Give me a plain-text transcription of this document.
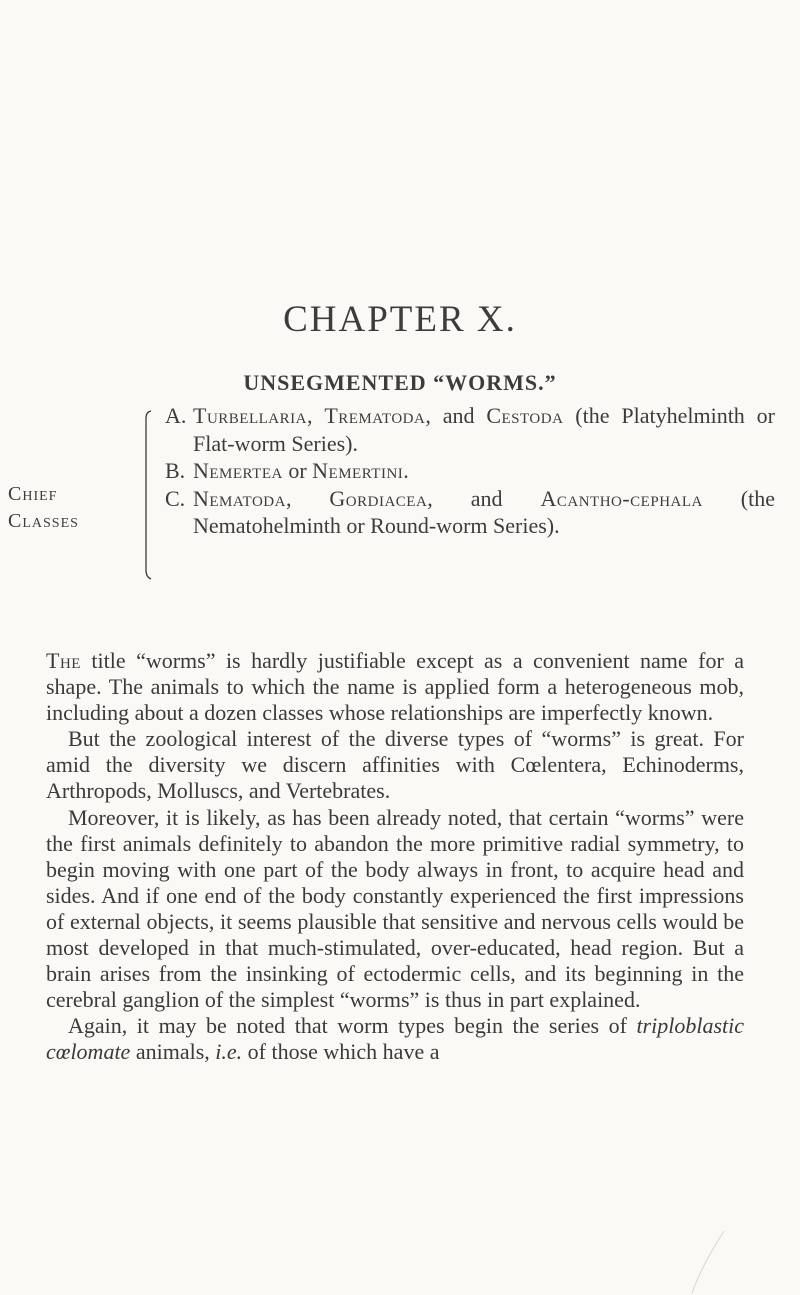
CHAPTER X.
UNSEGMENTED “WORMS.”
Chief
Classes
A. Turbellaria, Trematoda, and Cestoda (the Platyhelminth or Flat-worm Series).
B. Nemertea or Nemertini.
C. Nematoda, Gordiacea, and Acantho-cephala (the Nematohelminth or Round-worm Series).

The title “worms” is hardly justifiable except as a convenient name for a shape. The animals to which the name is applied form a heterogeneous mob, including about a dozen classes whose relationships are imperfectly known.

But the zoological interest of the diverse types of “worms” is great. For amid the diversity we discern affinities with Cœlentera, Echinoderms, Arthropods, Molluscs, and Vertebrates.

Moreover, it is likely, as has been already noted, that certain “worms” were the first animals definitely to abandon the more primitive radial symmetry, to begin moving with one part of the body always in front, to acquire head and sides. And if one end of the body constantly experienced the first impressions of external objects, it seems plausible that sensitive and nervous cells would be most developed in that much-stimulated, over-educated, head region. But a brain arises from the insinking of ectodermic cells, and its beginning in the cerebral ganglion of the simplest “worms” is thus in part explained.

Again, it may be noted that worm types begin the series of triploblastic cœlomate animals, i.e. of those which have a
